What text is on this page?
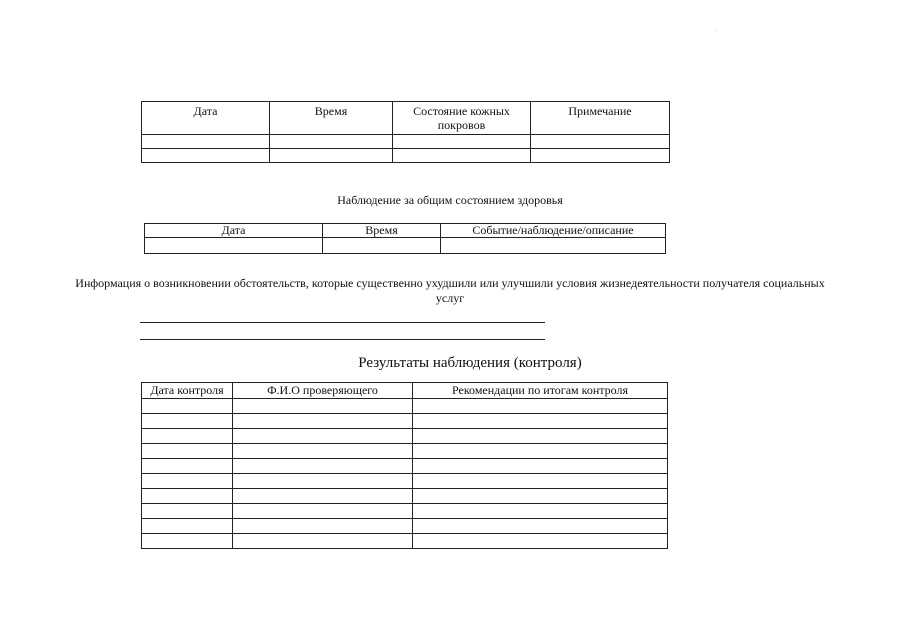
.
Дата	Время	Состояние кожных покровов	Примечание

Наблюдение за общим состоянием здоровья
Дата	Время	Событие/наблюдение/описание

Информация о возникновении обстоятельств, которые существенно ухудшили или улучшили условия жизнедеятельности получателя социальных услуг
Результаты наблюдения (контроля)
Дата контроля	Ф.И.О проверяющего	Рекомендации по итогам контроля
